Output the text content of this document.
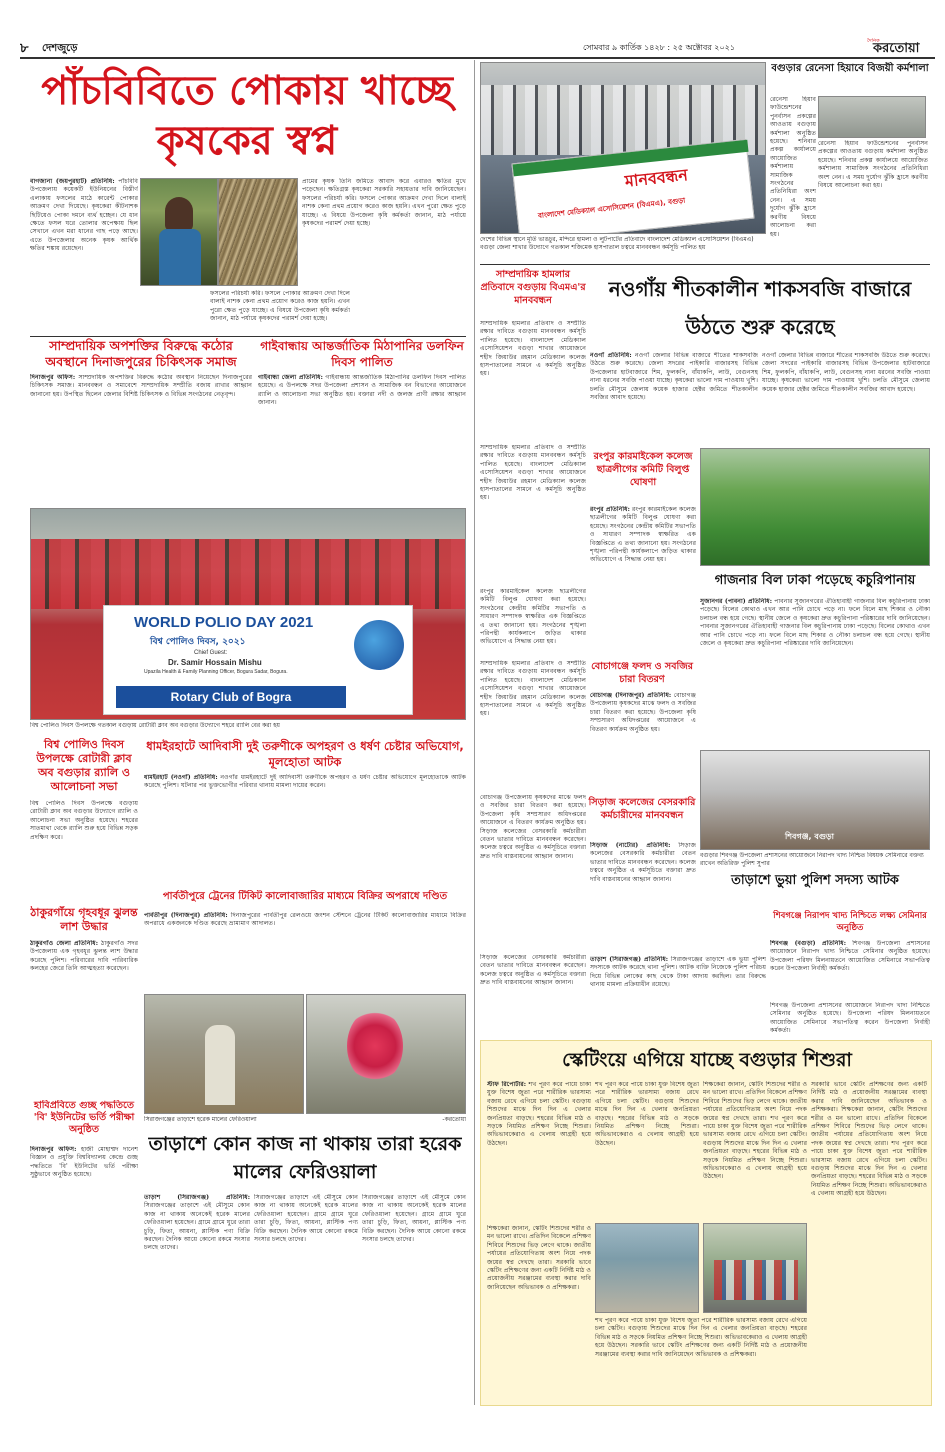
৮ দেশজুড়ে	সোমবার ৯ কার্তিক ১৪২৮ : ২৫ অক্টোবর ২০২১
দৈনিক
করতোয়া
পাঁচবিবিতে পোকায় খাচ্ছে কৃষকের স্বপ্ন
বাগজানা (জয়পুরহাট) প্রতিনিধি: পাঁচবিবি উপজেলায় কয়েকটি ইউনিয়নের বিস্তীর্ণ এলাকায় ফসলের মাঠে কারেন্ট পোকার আক্রমণ দেখা দিয়েছে। কৃষকেরা কীটনাশক ছিটিয়েও পোকা দমনে ব্যর্থ হচ্ছেন। যে ধান ক্ষেতে ফসল ঘরে তোলার অপেক্ষায় ছিল সেখানে এখন মরা ধানের গাছ পড়ে আছে। এতে উপজেলার অনেক কৃষক আর্থিক ক্ষতির শঙ্কায় রয়েছেন।
ফসলের পরিচর্যা করি। ফসলে পোকার আক্রমণ দেখা দিলে বালাই নাশক কেনা প্রথম প্রয়োগ করেও কাজ হয়নি। এখন পুরো ক্ষেত পুড়ে যাচ্ছে। এ বিষয়ে উপজেলা কৃষি কর্মকর্তা জানান, মাঠ পর্যায়ে কৃষকদের পরামর্শ দেয়া হচ্ছে।
প্রামের কৃষক তিনি জমিতে আবাদ করে এবারও ক্ষতির মুখে পড়েছেন। ক্ষতিগ্রস্ত কৃষকেরা সরকারি সহায়তার দাবি জানিয়েছেন। ফসলের পরিচর্যা করি। ফসলে পোকার আক্রমণ দেখা দিলে বালাই নাশক কেনা প্রথম প্রয়োগ করেও কাজ হয়নি। এখন পুরো ক্ষেত পুড়ে যাচ্ছে। এ বিষয়ে উপজেলা কৃষি কর্মকর্তা জানান, মাঠ পর্যায়ে কৃষকদের পরামর্শ দেয়া হচ্ছে।
সাম্প্রদায়িক অপশক্তির বিরুদ্ধে কঠোর অবস্থানে দিনাজপুরের চিকিৎসক সমাজ
দিনাজপুর অফিস: সাম্প্রদায়িক অপশক্তির বিরুদ্ধে কঠোর অবস্থান নিয়েছেন দিনাজপুরের চিকিৎসক সমাজ। মানববন্ধন ও সমাবেশে সাম্প্রদায়িক সম্প্রীতি বজায় রাখার আহ্বান জানানো হয়। উপস্থিত ছিলেন জেলার বিশিষ্ট চিকিৎসক ও বিভিন্ন সংগঠনের নেতৃবৃন্দ।
গাইবান্ধায় আন্তর্জাতিক মিঠাপানির ডলফিন দিবস পালিত
গাইবান্ধা জেলা প্রতিনিধি: গাইবান্ধায় আন্তর্জাতিক মিঠাপানির ডলফিন দিবস পালিত হয়েছে। এ উপলক্ষে সদর উপজেলা প্রশাসন ও সামাজিক বন বিভাগের আয়োজনে র‍্যালি ও আলোচনা সভা অনুষ্ঠিত হয়। বক্তারা নদী ও জলজ প্রাণী রক্ষার আহ্বান জানান।
WORLD POLIO DAY 2021
বিশ্ব পোলিও দিবস, ২০২১
Chief Guest:
Dr. Samir Hossain Mishu
Upazila Health & Family Planning Officer, Bogura Sadar, Bogura.
Rotary Club of Bogra
বিশ্ব পোলিও দিবস উপলক্ষে গতকাল বগুড়ায় রোটারী ক্লাব অব বগুড়ার উদ্যোগে শহরে র‍্যালি বের করা হয়
বিশ্ব পোলিও দিবস উপলক্ষে রোটারী ক্লাব অব বগুড়ার র‍্যালি ও আলোচনা সভা
বিশ্ব পোলিও দিবস উপলক্ষে বগুড়ায় রোটারী ক্লাব অব বগুড়ার উদ্যোগে র‍্যালি ও আলোচনা সভা অনুষ্ঠিত হয়েছে। শহরের সাতমাথা থেকে র‍্যালি শুরু হয়ে বিভিন্ন সড়ক প্রদক্ষিণ করে।
ধামইরহাটে আদিবাসী দুই তরুণীকে অপহরণ ও ধর্ষণ চেষ্টার অভিযোগ, মূলহোতা আটক
ধামইরহাট (নওগাঁ) প্রতিনিধি: নওগাঁর ধামইরহাটে দুই আদিবাসী তরুণীকে অপহরণ ও ধর্ষণ চেষ্টার অভিযোগে মূলহোতাকে আটক করেছে পুলিশ। ঘটনার পর ভুক্তভোগীর পরিবার থানায় মামলা দায়ের করেন।
পার্বতীপুরে ট্রেনের টিকিট কালোবাজারির মাধ্যমে বিক্রির অপরাধে দণ্ডিত
পার্বতীপুর (দিনাজপুর) প্রতিনিধি: দিনাজপুরের পার্বতীপুর রেলওয়ে জংশন স্টেশনে ট্রেনের টিকিট কালোবাজারির মাধ্যমে বিক্রির অপরাধে একজনকে দণ্ডিত করেছে ভ্রাম্যমাণ আদালত।
ঠাকুরগাঁয়ে গৃহবধূর ঝুলন্ত লাশ উদ্ধার
ঠাকুরগাঁও জেলা প্রতিনিধি: ঠাকুরগাঁও সদর উপজেলায় এক গৃহবধূর ঝুলন্ত লাশ উদ্ধার করেছে পুলিশ। পরিবারের দাবি পারিবারিক কলহের জেরে তিনি আত্মহত্যা করেছেন।
হাবিপ্রবিতে গুচ্ছ পদ্ধতিতে 'বি' ইউনিটের ভর্তি পরীক্ষা অনুষ্ঠিত
দিনাজপুর অফিস: হাজী মোহাম্মদ দানেশ বিজ্ঞান ও প্রযুক্তি বিশ্ববিদ্যালয় কেন্দ্রে গুচ্ছ পদ্ধতিতে 'বি' ইউনিটের ভর্তি পরীক্ষা সুষ্ঠুভাবে অনুষ্ঠিত হয়েছে।
সিরাজগঞ্জের তাড়াশে হরেক মালের ফেরিওয়ালা	-করতোয়া
তাড়াশে কোন কাজ না থাকায় তারা হরেক মালের ফেরিওয়ালা
তাড়াশ (সিরাজগঞ্জ) প্রতিনিধি: সিরাজগঞ্জের তাড়াশে এই মৌসুমে কোন কাজ না থাকায় অনেকেই হরেক মালের ফেরিওয়ালা হয়েছেন। গ্রামে গ্রামে ঘুরে তারা চুড়ি, ফিতা, আয়না, প্লাস্টিক পণ্য বিক্রি করছেন। দৈনিক আয়ে কোনো রকমে সংসার চলছে তাদের।
সিরাজগঞ্জের তাড়াশে এই মৌসুমে কোন কাজ না থাকায় অনেকেই হরেক মালের ফেরিওয়ালা হয়েছেন। গ্রামে গ্রামে ঘুরে তারা চুড়ি, ফিতা, আয়না, প্লাস্টিক পণ্য বিক্রি করছেন। দৈনিক আয়ে কোনো রকমে সংসার চলছে তাদের।
সিরাজগঞ্জের তাড়াশে এই মৌসুমে কোন কাজ না থাকায় অনেকেই হরেক মালের ফেরিওয়ালা হয়েছেন। গ্রামে গ্রামে ঘুরে তারা চুড়ি, ফিতা, আয়না, প্লাস্টিক পণ্য বিক্রি করছেন। দৈনিক আয়ে কোনো রকমে সংসার চলছে তাদের।
মানববন্ধন
বাংলাদেশ মেডিক্যাল এসোসিয়েশন (বিএমএ), বগুড়া
দেশের বিভিন্ন স্থানে মূর্তি ভাঙচুর, মন্দিরে হামলা ও লুটপাটের প্রতিবাদে বাংলাদেশ মেডিক্যাল এসোসিয়েশন (বিএমএ) বগুড়া জেলা শাখার উদ্যোগে গতকাল শজিমেক হাসপাতাল চত্বরে মানববন্ধন কর্মসূচি পালিত হয়
বগুড়ার রেনেসা হিয়াবে বিজয়ী কর্মশালা
রেনেসা হিয়াব ফাউন্ডেশনের পুনর্বাসন প্রকল্পের আওতায় বগুড়ায় কর্মশালা অনুষ্ঠিত হয়েছে। শনিবার প্রকল্প কার্যালয়ে আয়োজিত কর্মশালায় সামাজিক সংগঠনের প্রতিনিধিরা অংশ নেন। এ সময় দুর্যোগ ঝুঁকি হ্রাসে করণীয় বিষয়ে আলোচনা করা হয়।
রেনেসা হিয়াব ফাউন্ডেশনের পুনর্বাসন প্রকল্পের আওতায় বগুড়ায় কর্মশালা অনুষ্ঠিত হয়েছে। শনিবার প্রকল্প কার্যালয়ে আয়োজিত কর্মশালায় সামাজিক সংগঠনের প্রতিনিধিরা অংশ নেন। এ সময় দুর্যোগ ঝুঁকি হ্রাসে করণীয় বিষয়ে আলোচনা করা হয়।
সাম্প্রদায়িক হামলার প্রতিবাদে বগুড়ায় বিএমএ'র মানববন্ধন
সাম্প্রদায়িক হামলার প্রতিবাদ ও সম্প্রীতি রক্ষার দাবিতে বগুড়ায় মানববন্ধন কর্মসূচি পালিত হয়েছে। বাংলাদেশ মেডিক্যাল এসোসিয়েশন বগুড়া শাখার আয়োজনে শহীদ জিয়াউর রহমান মেডিক্যাল কলেজ হাসপাতালের সামনে এ কর্মসূচি অনুষ্ঠিত হয়।
নওগাঁয় শীতকালীন শাকসবজি বাজারে উঠতে শুরু করেছে
নওগাঁ প্রতিনিধি: নওগাঁ জেলার বিভিন্ন বাজারে শীতের শাকসবজি উঠতে শুরু করেছে। জেলা সদরের পাইকারি বাজারসহ বিভিন্ন উপজেলার হাটবাজারে শিম, ফুলকপি, বাঁধাকপি, লাউ, বেগুনসহ নানা ধরনের সবজি পাওয়া যাচ্ছে। কৃষকেরা ভালো দাম পাওয়ায় খুশি। চলতি মৌসুমে জেলায় কয়েক হাজার হেক্টর জমিতে শীতকালীন সবজির আবাদ হয়েছে।
নওগাঁ জেলার বিভিন্ন বাজারে শীতের শাকসবজি উঠতে শুরু করেছে। জেলা সদরের পাইকারি বাজারসহ বিভিন্ন উপজেলার হাটবাজারে শিম, ফুলকপি, বাঁধাকপি, লাউ, বেগুনসহ নানা ধরনের সবজি পাওয়া যাচ্ছে। কৃষকেরা ভালো দাম পাওয়ায় খুশি। চলতি মৌসুমে জেলায় কয়েক হাজার হেক্টর জমিতে শীতকালীন সবজির আবাদ হয়েছে।
সাম্প্রদায়িক হামলার প্রতিবাদ ও সম্প্রীতি রক্ষার দাবিতে বগুড়ায় মানববন্ধন কর্মসূচি পালিত হয়েছে। বাংলাদেশ মেডিক্যাল এসোসিয়েশন বগুড়া শাখার আয়োজনে শহীদ জিয়াউর রহমান মেডিক্যাল কলেজ হাসপাতালের সামনে এ কর্মসূচি অনুষ্ঠিত হয়।
রংপুর কারমাইকেল কলেজ ছাত্রলীগের কমিটি বিলুপ্ত ঘোষণা
রংপুর প্রতিনিধি: রংপুর কারমাইকেল কলেজ ছাত্রলীগের কমিটি বিলুপ্ত ঘোষণা করা হয়েছে। সংগঠনের কেন্দ্রীয় কমিটির সভাপতি ও সাধারণ সম্পাদক স্বাক্ষরিত এক বিজ্ঞপ্তিতে এ তথ্য জানানো হয়। সংগঠনের শৃঙ্খলা পরিপন্থী কার্যকলাপে জড়িত থাকার অভিযোগে এ সিদ্ধান্ত নেয়া হয়।
গাজনার বিল ঢাকা পড়েছে কচুরিপানায়
সুজানগর (পাবনা) প্রতিনিধি: পাবনার সুজানগরের ঐতিহ্যবাহী গাজনার বিল কচুরিপানায় ঢাকা পড়েছে। বিলের কোথাও এখন আর পানি চোখে পড়ে না। ফলে বিলে মাছ শিকার ও নৌকা চলাচল বন্ধ হয়ে গেছে। স্থানীয় জেলে ও কৃষকেরা দ্রুত কচুরিপানা পরিষ্কারের দাবি জানিয়েছেন। পাবনার সুজানগরের ঐতিহ্যবাহী গাজনার বিল কচুরিপানায় ঢাকা পড়েছে। বিলের কোথাও এখন আর পানি চোখে পড়ে না। ফলে বিলে মাছ শিকার ও নৌকা চলাচল বন্ধ হয়ে গেছে। স্থানীয় জেলে ও কৃষকেরা দ্রুত কচুরিপানা পরিষ্কারের দাবি জানিয়েছেন।
রংপুর কারমাইকেল কলেজ ছাত্রলীগের কমিটি বিলুপ্ত ঘোষণা করা হয়েছে। সংগঠনের কেন্দ্রীয় কমিটির সভাপতি ও সাধারণ সম্পাদক স্বাক্ষরিত এক বিজ্ঞপ্তিতে এ তথ্য জানানো হয়। সংগঠনের শৃঙ্খলা পরিপন্থী কার্যকলাপে জড়িত থাকার অভিযোগে এ সিদ্ধান্ত নেয়া হয়।
বোচাগঞ্জে ফলদ ও সবজির চারা বিতরণ
বোচাগঞ্জ (দিনাজপুর) প্রতিনিধি: বোচাগঞ্জ উপজেলায় কৃষকদের মাঝে ফলদ ও সবজির চারা বিতরণ করা হয়েছে। উপজেলা কৃষি সম্প্রসারণ অধিদপ্তরের আয়োজনে এ বিতরণ কার্যক্রম অনুষ্ঠিত হয়।
সাম্প্রদায়িক হামলার প্রতিবাদ ও সম্প্রীতি রক্ষার দাবিতে বগুড়ায় মানববন্ধন কর্মসূচি পালিত হয়েছে। বাংলাদেশ মেডিক্যাল এসোসিয়েশন বগুড়া শাখার আয়োজনে শহীদ জিয়াউর রহমান মেডিক্যাল কলেজ হাসপাতালের সামনে এ কর্মসূচি অনুষ্ঠিত হয়।
শিবগঞ্জ, বগুড়া
বগুড়ার শিবগঞ্জ উপজেলা প্রশাসনের আয়োজনে নিরাপদ খাদ্য নিশ্চিত বিষয়ক সেমিনারে বক্তব্য রাখেন অতিরিক্ত পুলিশ সুপার
সিড়াজ কলেজের বেসরকারি কর্মচারীদের মানববন্ধন
সিড়াজ (নাটোর) প্রতিনিধি: সিড়াজ কলেজের বেসরকারি কর্মচারীরা বেতন ভাতার দাবিতে মানববন্ধন করেছেন। কলেজ চত্বরে অনুষ্ঠিত এ কর্মসূচিতে বক্তারা দ্রুত দাবি বাস্তবায়নের আহ্বান জানান।
বোচাগঞ্জ উপজেলায় কৃষকদের মাঝে ফলদ ও সবজির চারা বিতরণ করা হয়েছে। উপজেলা কৃষি সম্প্রসারণ অধিদপ্তরের আয়োজনে এ বিতরণ কার্যক্রম অনুষ্ঠিত হয়। সিড়াজ কলেজের বেসরকারি কর্মচারীরা বেতন ভাতার দাবিতে মানববন্ধন করেছেন। কলেজ চত্বরে অনুষ্ঠিত এ কর্মসূচিতে বক্তারা দ্রুত দাবি বাস্তবায়নের আহ্বান জানান।
তাড়াশে ভুয়া পুলিশ সদস্য আটক
শিবগঞ্জে নিরাপদ খাদ্য নিশ্চিতে লক্ষ্য সেমিনার অনুষ্ঠিত
শিবগঞ্জ (বগুড়া) প্রতিনিধি: শিবগঞ্জ উপজেলা প্রশাসনের আয়োজনে নিরাপদ খাদ্য নিশ্চিতে সেমিনার অনুষ্ঠিত হয়েছে। উপজেলা পরিষদ মিলনায়তনে আয়োজিত সেমিনারে সভাপতিত্ব করেন উপজেলা নির্বাহী কর্মকর্তা।
তাড়াশ (সিরাজগঞ্জ) প্রতিনিধি: সিরাজগঞ্জের তাড়াশে এক ভুয়া পুলিশ সদস্যকে আটক করেছে থানা পুলিশ। আটক ব্যক্তি নিজেকে পুলিশ পরিচয় দিয়ে বিভিন্ন লোকের কাছ থেকে টাকা আদায় করছিল। তার বিরুদ্ধে থানায় মামলা প্রক্রিয়াধীন রয়েছে।
সিড়াজ কলেজের বেসরকারি কর্মচারীরা বেতন ভাতার দাবিতে মানববন্ধন করেছেন। কলেজ চত্বরে অনুষ্ঠিত এ কর্মসূচিতে বক্তারা দ্রুত দাবি বাস্তবায়নের আহ্বান জানান।
শিবগঞ্জ উপজেলা প্রশাসনের আয়োজনে নিরাপদ খাদ্য নিশ্চিতে সেমিনার অনুষ্ঠিত হয়েছে। উপজেলা পরিষদ মিলনায়তনে আয়োজিত সেমিনারে সভাপতিত্ব করেন উপজেলা নির্বাহী কর্মকর্তা।
স্কেটিংয়ে এগিয়ে যাচ্ছে বগুড়ার শিশুরা
স্টাফ রিপোর্টার: শখ পূরণ করে পায়ে চাকা যুক্ত বিশেষ জুতা পরে শারীরিক ভারসাম্য বজায় রেখে এগিয়ে চলা স্কেটিং। বগুড়ায় শিশুদের মাঝে দিন দিন এ খেলার জনপ্রিয়তা বাড়ছে। শহরের বিভিন্ন মাঠ ও সড়কে নিয়মিত প্রশিক্ষণ নিচ্ছে শিশুরা। অভিভাবকেরাও এ খেলায় আগ্রহী হয়ে উঠছেন।
শখ পূরণ করে পায়ে চাকা যুক্ত বিশেষ জুতা পরে শারীরিক ভারসাম্য বজায় রেখে এগিয়ে চলা স্কেটিং। বগুড়ায় শিশুদের মাঝে দিন দিন এ খেলার জনপ্রিয়তা বাড়ছে। শহরের বিভিন্ন মাঠ ও সড়কে নিয়মিত প্রশিক্ষণ নিচ্ছে শিশুরা। অভিভাবকেরাও এ খেলায় আগ্রহী হয়ে উঠছেন।
শিক্ষকেরা জানান, স্কেটিং শিশুদের শরীর ও মন ভালো রাখে। প্রতিদিন বিকেলে প্রশিক্ষণ শিবিরে শিশুদের ভিড় লেগে থাকে। জাতীয় পর্যায়ের প্রতিযোগিতায় অংশ নিয়ে পদক জয়ের স্বপ্ন দেখছে তারা। শখ পূরণ করে পায়ে চাকা যুক্ত বিশেষ জুতা পরে শারীরিক ভারসাম্য বজায় রেখে এগিয়ে চলা স্কেটিং। বগুড়ায় শিশুদের মাঝে দিন দিন এ খেলার জনপ্রিয়তা বাড়ছে। শহরের বিভিন্ন মাঠ ও সড়কে নিয়মিত প্রশিক্ষণ নিচ্ছে শিশুরা। অভিভাবকেরাও এ খেলায় আগ্রহী হয়ে উঠছেন।
সরকারি ভাবে স্কেটিং প্রশিক্ষণের জন্য একটি নির্দিষ্ট মাঠ ও প্রয়োজনীয় সরঞ্জামের ব্যবস্থা করার দাবি জানিয়েছেন অভিভাবক ও প্রশিক্ষকরা। শিক্ষকেরা জানান, স্কেটিং শিশুদের শরীর ও মন ভালো রাখে। প্রতিদিন বিকেলে প্রশিক্ষণ শিবিরে শিশুদের ভিড় লেগে থাকে। জাতীয় পর্যায়ের প্রতিযোগিতায় অংশ নিয়ে পদক জয়ের স্বপ্ন দেখছে তারা। শখ পূরণ করে পায়ে চাকা যুক্ত বিশেষ জুতা পরে শারীরিক ভারসাম্য বজায় রেখে এগিয়ে চলা স্কেটিং। বগুড়ায় শিশুদের মাঝে দিন দিন এ খেলার জনপ্রিয়তা বাড়ছে। শহরের বিভিন্ন মাঠ ও সড়কে নিয়মিত প্রশিক্ষণ নিচ্ছে শিশুরা। অভিভাবকেরাও এ খেলায় আগ্রহী হয়ে উঠছেন।
শিক্ষকেরা জানান, স্কেটিং শিশুদের শরীর ও মন ভালো রাখে। প্রতিদিন বিকেলে প্রশিক্ষণ শিবিরে শিশুদের ভিড় লেগে থাকে। জাতীয় পর্যায়ের প্রতিযোগিতায় অংশ নিয়ে পদক জয়ের স্বপ্ন দেখছে তারা। সরকারি ভাবে স্কেটিং প্রশিক্ষণের জন্য একটি নির্দিষ্ট মাঠ ও প্রয়োজনীয় সরঞ্জামের ব্যবস্থা করার দাবি জানিয়েছেন অভিভাবক ও প্রশিক্ষকরা।
শখ পূরণ করে পায়ে চাকা যুক্ত বিশেষ জুতা পরে শারীরিক ভারসাম্য বজায় রেখে এগিয়ে চলা স্কেটিং। বগুড়ায় শিশুদের মাঝে দিন দিন এ খেলার জনপ্রিয়তা বাড়ছে। শহরের বিভিন্ন মাঠ ও সড়কে নিয়মিত প্রশিক্ষণ নিচ্ছে শিশুরা। অভিভাবকেরাও এ খেলায় আগ্রহী হয়ে উঠছেন। সরকারি ভাবে স্কেটিং প্রশিক্ষণের জন্য একটি নির্দিষ্ট মাঠ ও প্রয়োজনীয় সরঞ্জামের ব্যবস্থা করার দাবি জানিয়েছেন অভিভাবক ও প্রশিক্ষকরা।
